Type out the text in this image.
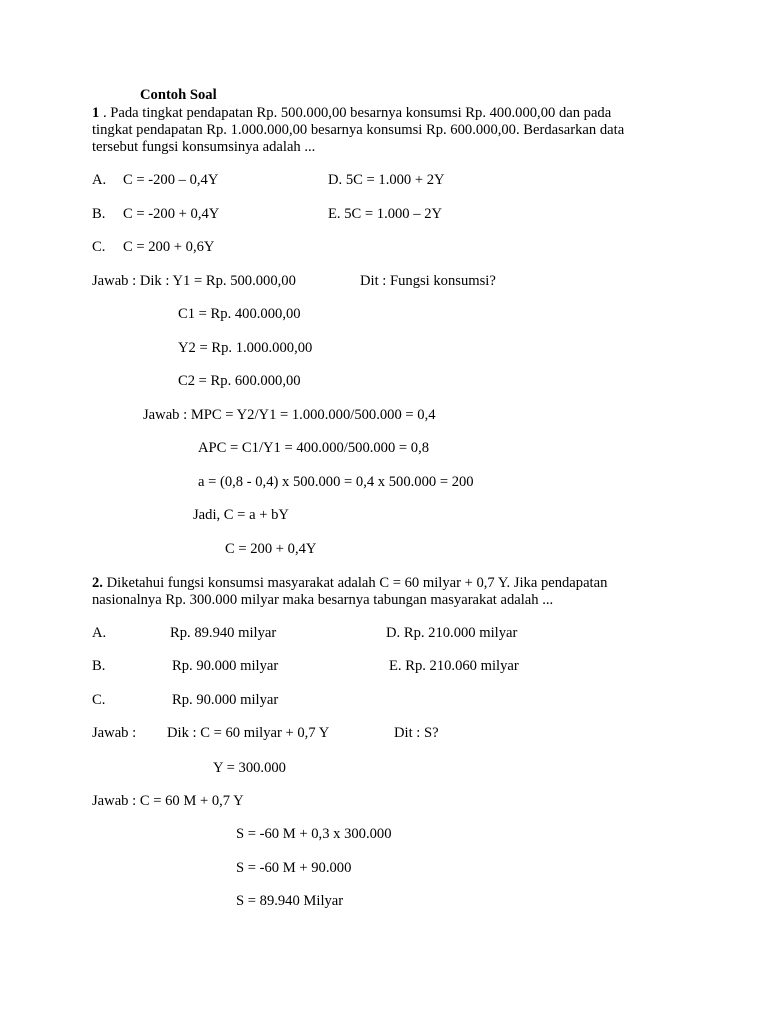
Contoh Soal

1 . Pada tingkat pendapatan Rp. 500.000,00 besarnya konsumsi Rp. 400.000,00 dan pada

tingkat pendapatan Rp. 1.000.000,00 besarnya konsumsi Rp. 600.000,00. Berdasarkan data

tersebut fungsi konsumsinya adalah ...

A. C = -200 – 0,4Y	D. 5C = 1.000 + 2Y
B. C = -200 + 0,4Y	E. 5C = 1.000 – 2Y
C. C = 200 + 0,6Y
Jawab : Dik : Y1 = Rp. 500.000,00	Dit : Fungsi konsumsi?
C1 = Rp. 400.000,00
Y2 = Rp. 1.000.000,00
C2 = Rp. 600.000,00
Jawab : MPC = Y2/Y1 = 1.000.000/500.000 = 0,4
APC = C1/Y1 = 400.000/500.000 = 0,8
a = (0,8 - 0,4) x 500.000 = 0,4 x 500.000 = 200
Jadi, C = a + bY
C = 200 + 0,4Y

2. Diketahui fungsi konsumsi masyarakat adalah C = 60 milyar + 0,7 Y. Jika pendapatan

nasionalnya Rp. 300.000 milyar maka besarnya tabungan masyarakat adalah ...

A.	Rp. 89.940 milyar	D. Rp. 210.000 milyar
B.	Rp. 90.000 milyar	E. Rp. 210.060 milyar
C.	Rp. 90.000 milyar
Jawab : Dik : C = 60 milyar + 0,7 Y	Dit : S?
Y = 300.000
Jawab : C = 60 M + 0,7 Y
S = -60 M + 0,3 x 300.000
S = -60 M + 90.000
S = 89.940 Milyar
